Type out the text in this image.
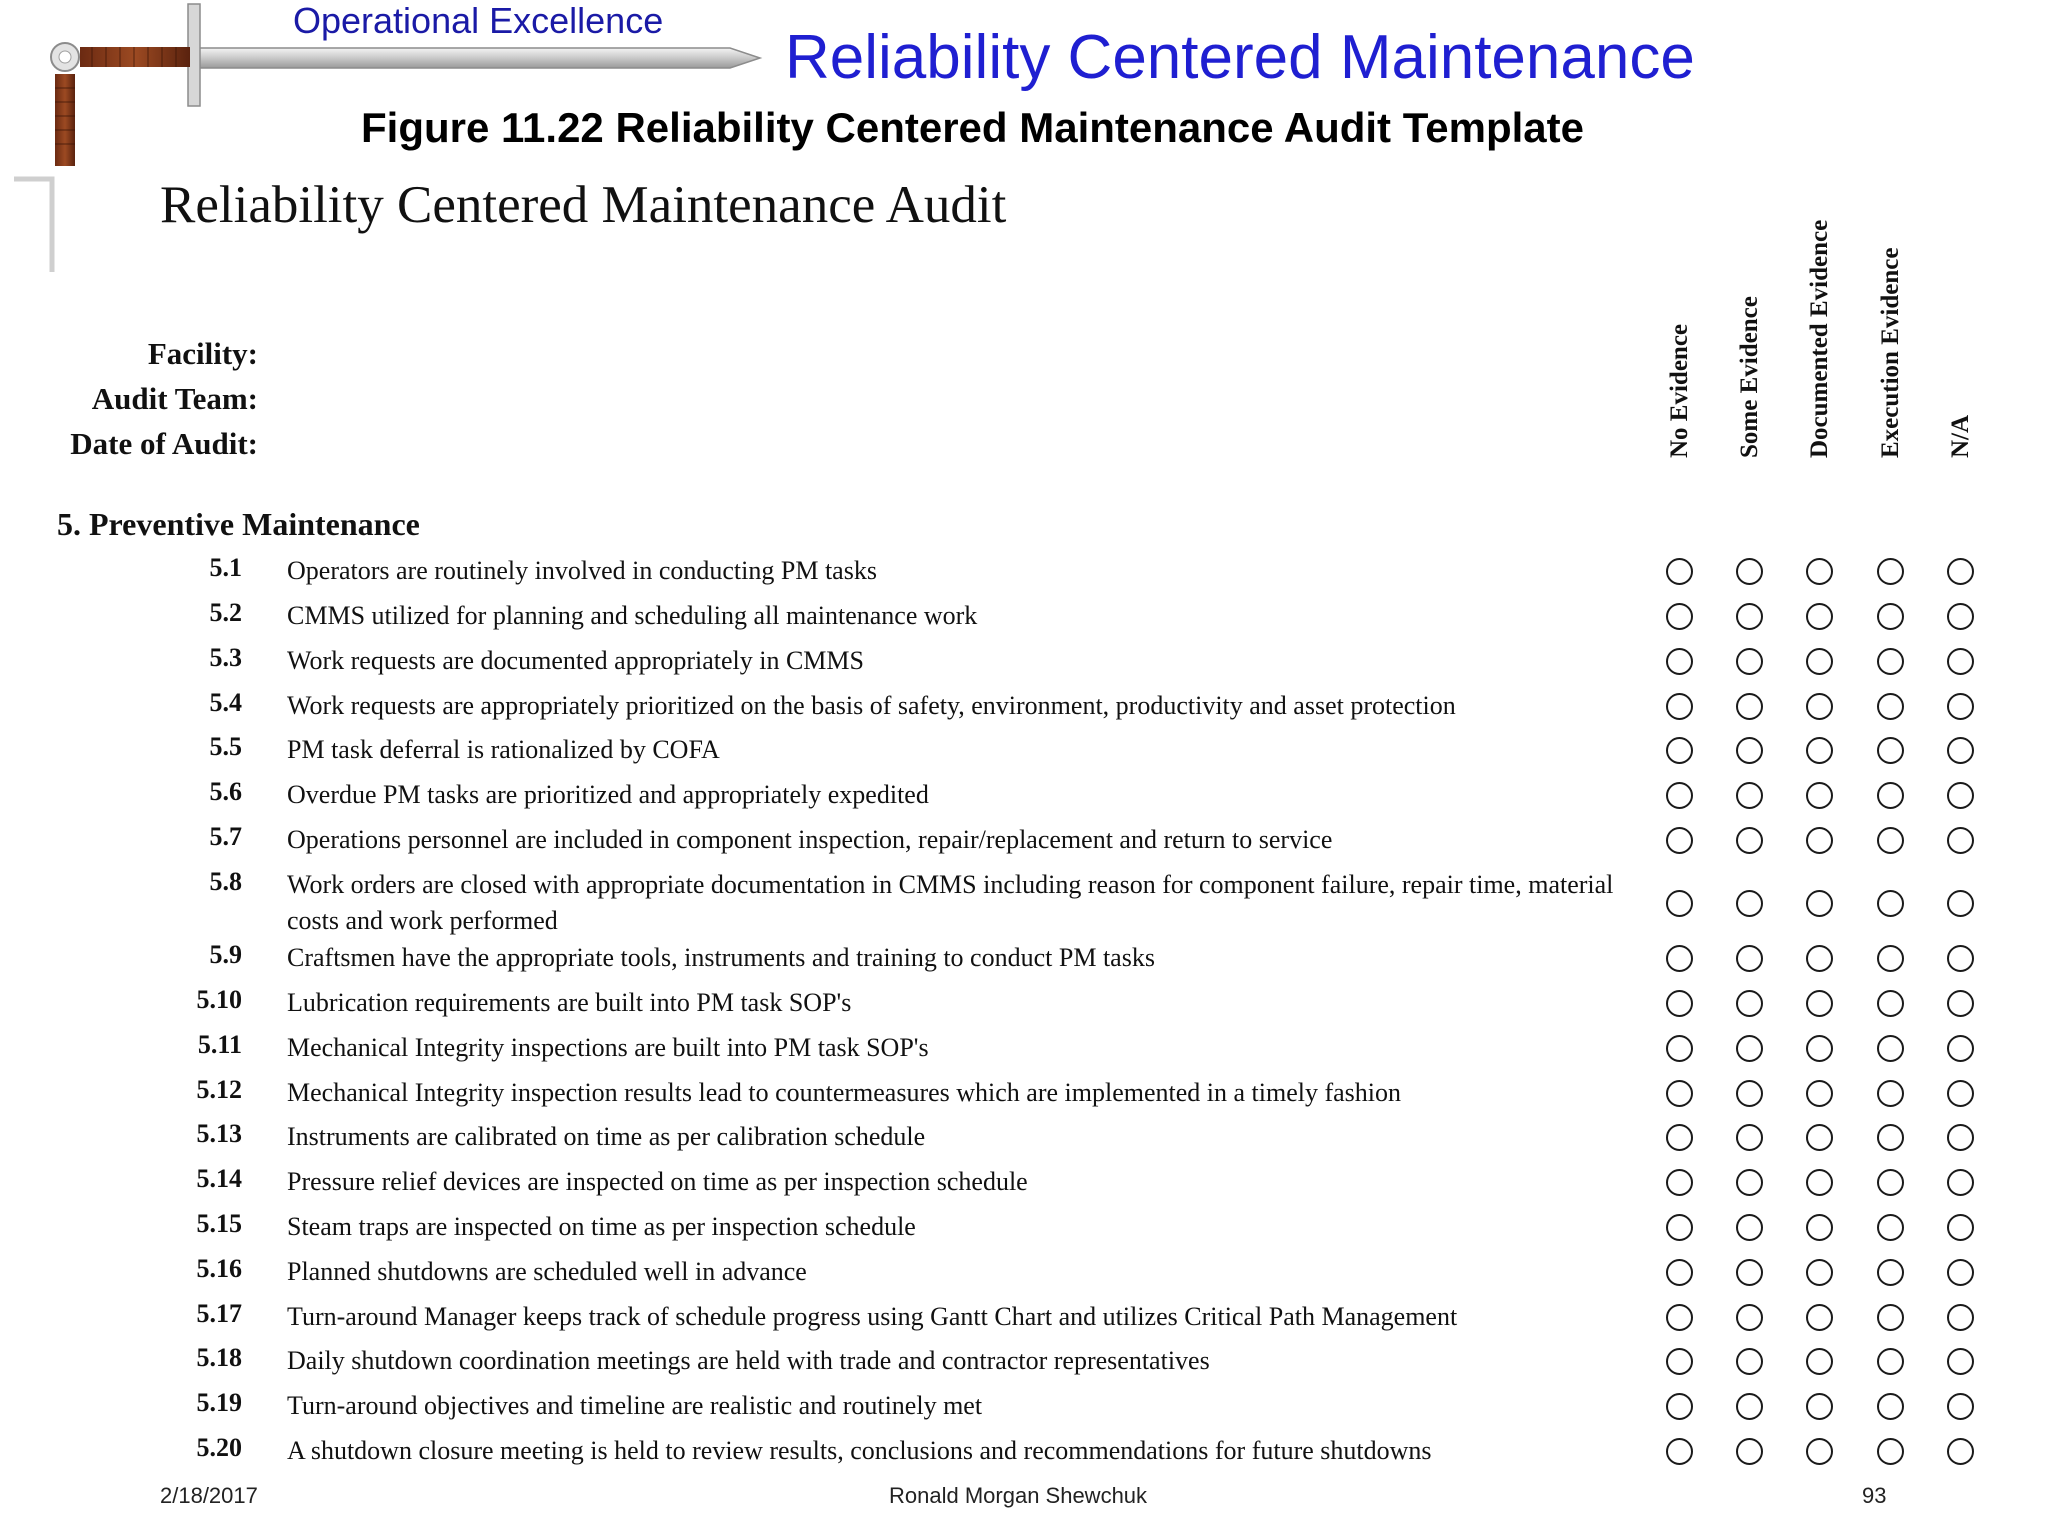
Operational Excellence
Reliability Centered Maintenance
Figure 11.22 Reliability Centered Maintenance Audit Template
Reliability Centered Maintenance Audit
Facility:
Audit Team:
Date of Audit:	No Evidence Some Evidence Documented Evidence Execution Evidence N/A
5. Preventive Maintenance
5.1 Operators are routinely involved in conducting PM tasks
5.2 CMMS utilized for planning and scheduling all maintenance work
5.3 Work requests are documented appropriately in CMMS
5.4 Work requests are appropriately prioritized on the basis of safety, environment, productivity and asset protection
5.5 PM task deferral is rationalized by COFA
5.6 Overdue PM tasks are prioritized and appropriately expedited
5.7 Operations personnel are included in component inspection, repair/replacement and return to service
5.8 Work orders are closed with appropriate documentation in CMMS including reason for component failure, repair time, material costs and work performed
5.9 Craftsmen have the appropriate tools, instruments and training to conduct PM tasks
5.10 Lubrication requirements are built into PM task SOP's
5.11 Mechanical Integrity inspections are built into PM task SOP's
5.12 Mechanical Integrity inspection results lead to countermeasures which are implemented in a timely fashion
5.13 Instruments are calibrated on time as per calibration schedule
5.14 Pressure relief devices are inspected on time as per inspection schedule
5.15 Steam traps are inspected on time as per inspection schedule
5.16 Planned shutdowns are scheduled well in advance
5.17 Turn-around Manager keeps track of schedule progress using Gantt Chart and utilizes Critical Path Management
5.18 Daily shutdown coordination meetings are held with trade and contractor representatives
5.19 Turn-around objectives and timeline are realistic and routinely met
5.20 A shutdown closure meeting is held to review results, conclusions and recommendations for future shutdowns
2/18/2017	Ronald Morgan Shewchuk	93
